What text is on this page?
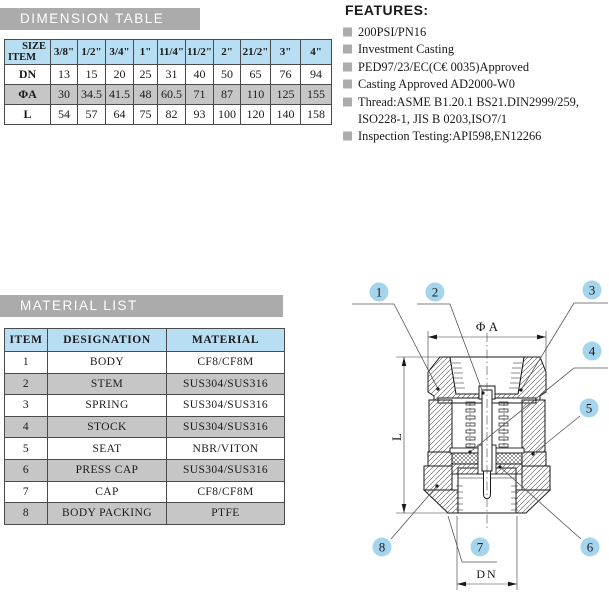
DIMENSION TABLE
SIZE
ITEM	3/8"	1/2"	3/4"	1"	11/4"	11/2"	2"	21/2"	3"	4"
DN	13	15	20	25	31	40	50	65	76	94
ΦA	30	34.5	41.5	48	60.5	71	87	110	125	155
L	54	57	64	75	82	93	100	120	140	158
FEATURES:
200PSI/PN16
Investment Casting
PED97/23/EC(C€ 0035)Approved
Casting Approved AD2000-W0
Thread:ASME B1.20.1 BS21.DIN2999/259,
ISO228-1, JIS B 0203,ISO7/1
Inspection Testing:API598,EN12266
MATERIAL LIST
ITEM	DESIGNATION	MATERIAL
1	BODY	CF8/CF8M
2	STEM	SUS304/SUS316
3	SPRING	SUS304/SUS316
4	STOCK	SUS304/SUS316
5	SEAT	NBR/VITON
6	PRESS CAP	SUS304/SUS316
7	CAP	CF8/CF8M
8	BODY PACKING	PTFE
1	2	3
4
5
6
7
8
Φ A
L
DN
